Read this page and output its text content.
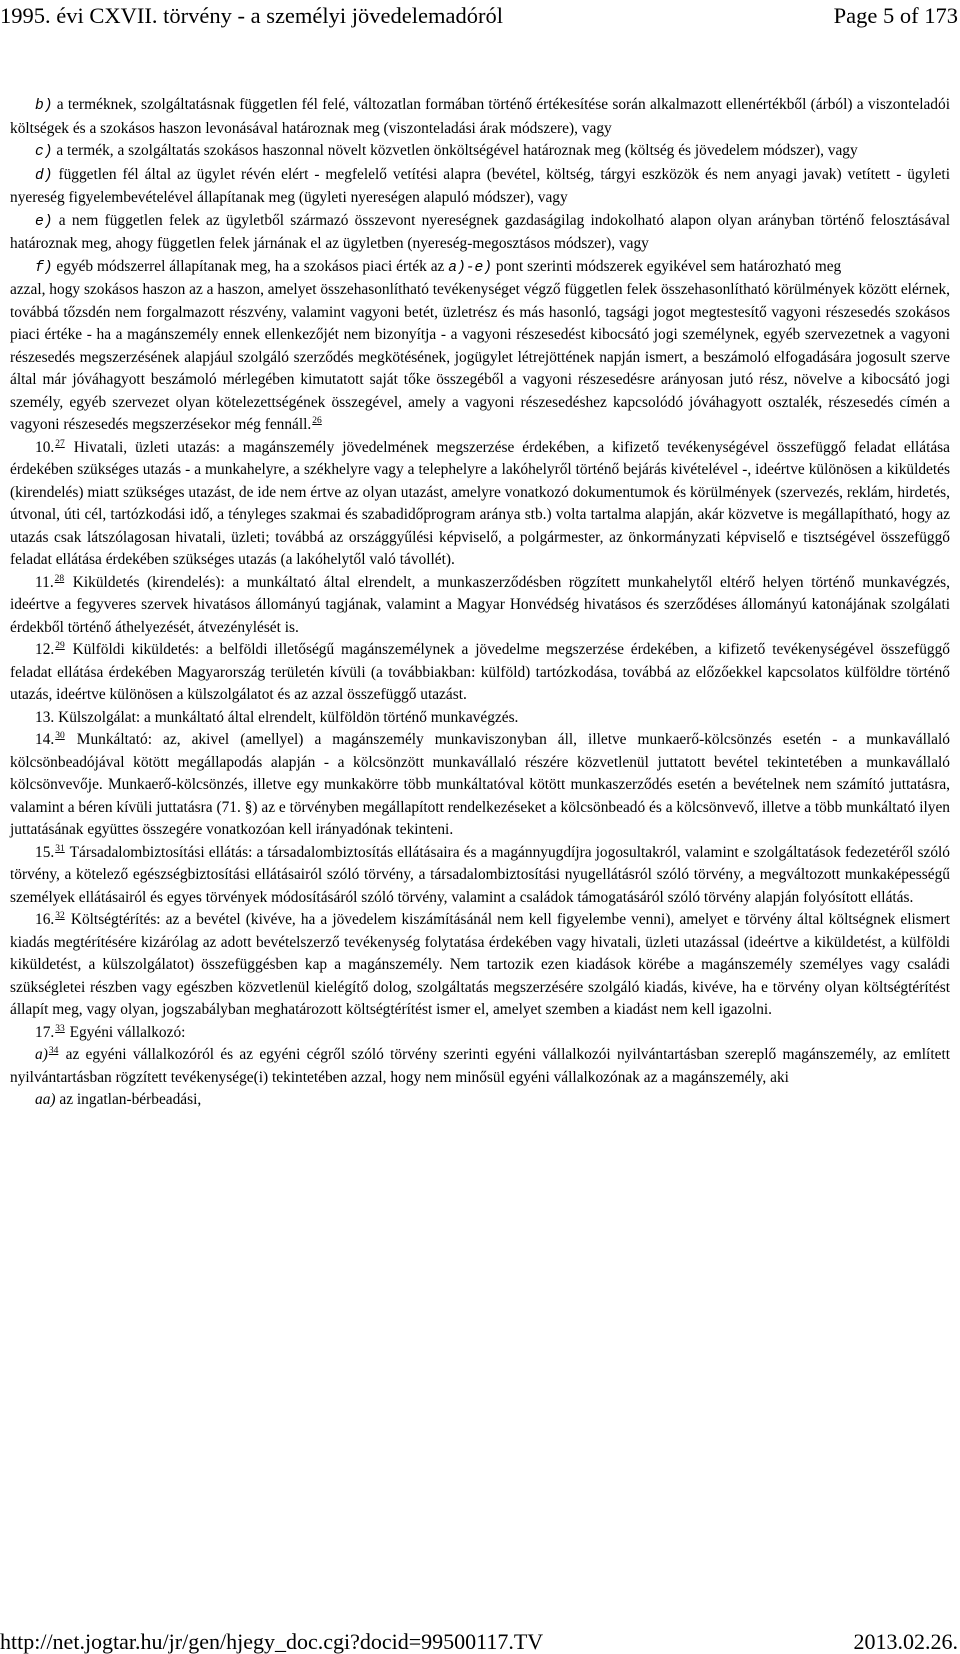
1995. évi CXVII. törvény - a személyi jövedelemadóról	Page 5 of 173

b) a terméknek, szolgáltatásnak független fél felé, változatlan formában történő értékesítése során alkalmazott ellenértékből (árból) a viszonteladói költségek és a szokásos haszon levonásával határoznak meg (viszonteladási árak módszere), vagy

c) a termék, a szolgáltatás szokásos haszonnal növelt közvetlen önköltségével határoznak meg (költség és jövedelem módszer), vagy

d) független fél által az ügylet révén elért - megfelelő vetítési alapra (bevétel, költség, tárgyi eszközök és nem anyagi javak) vetített - ügyleti nyereség figyelembevételével állapítanak meg (ügyleti nyereségen alapuló módszer), vagy

e) a nem független felek az ügyletből származó összevont nyereségnek gazdaságilag indokolható alapon olyan arányban történő felosztásával határoznak meg, ahogy független felek járnának el az ügyletben (nyereség-megosztásos módszer), vagy

f) egyéb módszerrel állapítanak meg, ha a szokásos piaci érték az a)-e) pont szerinti módszerek egyikével sem határozható meg

azzal, hogy szokásos haszon az a haszon, amelyet összehasonlítható tevékenységet végző független felek összehasonlítható körülmények között elérnek, továbbá tőzsdén nem forgalmazott részvény, valamint vagyoni betét, üzletrész és más hasonló, tagsági jogot megtestesítő vagyoni részesedés szokásos piaci értéke - ha a magánszemély ennek ellenkezőjét nem bizonyítja - a vagyoni részesedést kibocsátó jogi személynek, egyéb szervezetnek a vagyoni részesedés megszerzésének alapjául szolgáló szerződés megkötésének, jogügylet létrejöttének napján ismert, a beszámoló elfogadására jogosult szerve által már jóváhagyott beszámoló mérlegében kimutatott saját tőke összegéből a vagyoni részesedésre arányosan jutó rész, növelve a kibocsátó jogi személy, egyéb szervezet olyan kötelezettségének összegével, amely a vagyoni részesedéshez kapcsolódó jóváhagyott osztalék, részesedés címén a vagyoni részesedés megszerzésekor még fennáll.$^{26}$

10.27 Hivatali, üzleti utazás: a magánszemély jövedelmének megszerzése érdekében, a kifizető tevékenységével összefüggő feladat ellátása érdekében szükséges utazás - a munkahelyre, a székhelyre vagy a telephelyre a lakóhelyről történő bejárás kivételével -, ideértve különösen a kiküldetés (kirendelés) miatt szükséges utazást, de ide nem értve az olyan utazást, amelyre vonatkozó dokumentumok és körülmények (szervezés, reklám, hirdetés, útvonal, úti cél, tartózkodási idő, a tényleges szakmai és szabadidőprogram aránya stb.) volta tartalma alapján, akár közvetve is megállapítható, hogy az utazás csak látszólagosan hivatali, üzleti; továbbá az országgyűlési képviselő, a polgármester, az önkormányzati képviselő e tisztségével összefüggő feladat ellátása érdekében szükséges utazás (a lakóhelytől való távollét).

11.28 Kiküldetés (kirendelés): a munkáltató által elrendelt, a munkaszerződésben rögzített munkahelytől eltérő helyen történő munkavégzés, ideértve a fegyveres szervek hivatásos állományú tagjának, valamint a Magyar Honvédség hivatásos és szerződéses állományú katonájának szolgálati érdekből történő áthelyezését, átvezénylését is.

12.29 Külföldi kiküldetés: a belföldi illetőségű magánszemélynek a jövedelme megszerzése érdekében, a kifizető tevékenységével összefüggő feladat ellátása érdekében Magyarország területén kívüli (a továbbiakban: külföld) tartózkodása, továbbá az előzőekkel kapcsolatos külföldre történő utazás, ideértve különösen a külszolgálatot és az azzal összefüggő utazást.

13. Külszolgálat: a munkáltató által elrendelt, külföldön történő munkavégzés.

14.30 Munkáltató: az, akivel (amellyel) a magánszemély munkaviszonyban áll, illetve munkaerő-kölcsönzés esetén - a munkavállaló kölcsönbeadójával kötött megállapodás alapján - a kölcsönzött munkavállaló részére közvetlenül juttatott bevétel tekintetében a munkavállaló kölcsönvevője. Munkaerő-kölcsönzés, illetve egy munkakörre több munkáltatóval kötött munkaszerződés esetén a bevételnek nem számító juttatásra, valamint a béren kívüli juttatásra (71. §) az e törvényben megállapított rendelkezéseket a kölcsönbeadó és a kölcsönvevő, illetve a több munkáltató ilyen juttatásának együttes összegére vonatkozóan kell irányadónak tekinteni.

15.31 Társadalombiztosítási ellátás: a társadalombiztosítás ellátásaira és a magánnyugdíjra jogosultakról, valamint e szolgáltatások fedezetéről szóló törvény, a kötelező egészségbiztosítási ellátásairól szóló törvény, a társadalombiztosítási nyugellátásról szóló törvény, a megváltozott munkaképességű személyek ellátásairól és egyes törvények módosításáról szóló törvény, valamint a családok támogatásáról szóló törvény alapján folyósított ellátás.

16.32 Költségtérítés: az a bevétel (kivéve, ha a jövedelem kiszámításánál nem kell figyelembe venni), amelyet e törvény által költségnek elismert kiadás megtérítésére kizárólag az adott bevételszerző tevékenység folytatása érdekében vagy hivatali, üzleti utazással (ideértve a kiküldetést, a külföldi kiküldetést, a külszolgálatot) összefüggésben kap a magánszemély. Nem tartozik ezen kiadások körébe a magánszemély személyes vagy családi szükségletei részben vagy egészben közvetlenül kielégítő dolog, szolgáltatás megszerzésére szolgáló kiadás, kivéve, ha e törvény olyan költségtérítést állapít meg, vagy olyan, jogszabályban meghatározott költségtérítést ismer el, amelyet szemben a kiadást nem kell igazolni.

17.33 Egyéni vállalkozó:

a)$^{34}$ az egyéni vállalkozóról és az egyéni cégről szóló törvény szerinti egyéni vállalkozói nyilvántartásban szereplő magánszemély, az említett nyilvántartásban rögzített tevékenysége(i) tekintetében azzal, hogy nem minősül egyéni vállalkozónak az a magánszemély, aki

aa) az ingatlan-bérbeadási,

http://net.jogtar.hu/jr/gen/hjegy_doc.cgi?docid=99500117.TV	2013.02.26.
